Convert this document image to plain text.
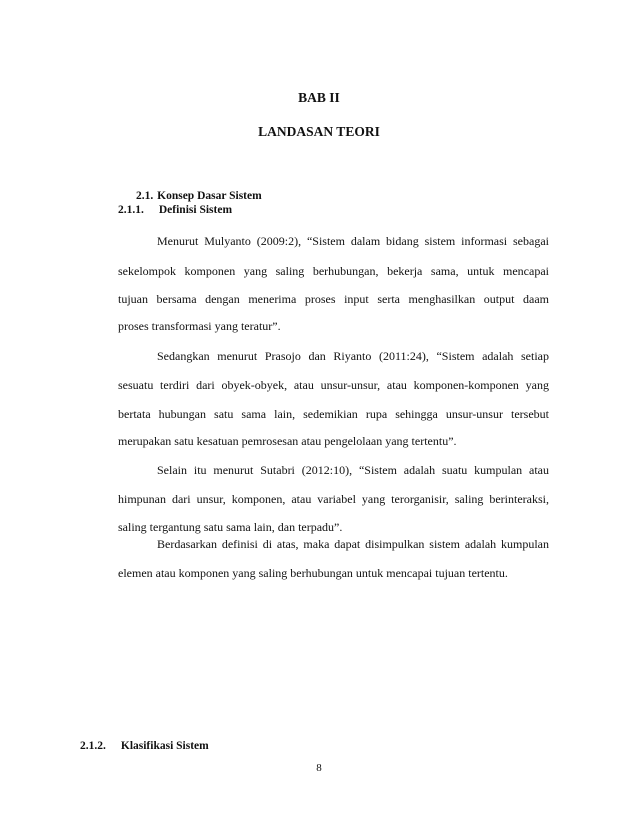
BAB II
LANDASAN TEORI
2.1. Konsep Dasar Sistem
2.1.1. Definisi Sistem
Menurut Mulyanto (2009:2), “Sistem dalam bidang sistem informasi sebagai
sekelompok komponen yang saling berhubungan, bekerja sama, untuk mencapai
tujuan bersama dengan menerima proses input serta menghasilkan output daam
proses transformasi yang teratur”.
Sedangkan menurut Prasojo dan Riyanto (2011:24), “Sistem adalah setiap
sesuatu terdiri dari obyek-obyek, atau unsur-unsur, atau komponen-komponen yang
bertata hubungan satu sama lain, sedemikian rupa sehingga unsur-unsur tersebut
merupakan satu kesatuan pemrosesan atau pengelolaan yang tertentu”.
Selain itu menurut Sutabri (2012:10), “Sistem adalah suatu kumpulan atau
himpunan dari unsur, komponen, atau variabel yang terorganisir, saling berinteraksi,
saling tergantung satu sama lain, dan terpadu”.
Berdasarkan definisi di atas, maka dapat disimpulkan sistem adalah kumpulan
elemen atau komponen yang saling berhubungan untuk mencapai tujuan tertentu.
2.1.2. Klasifikasi Sistem
8
